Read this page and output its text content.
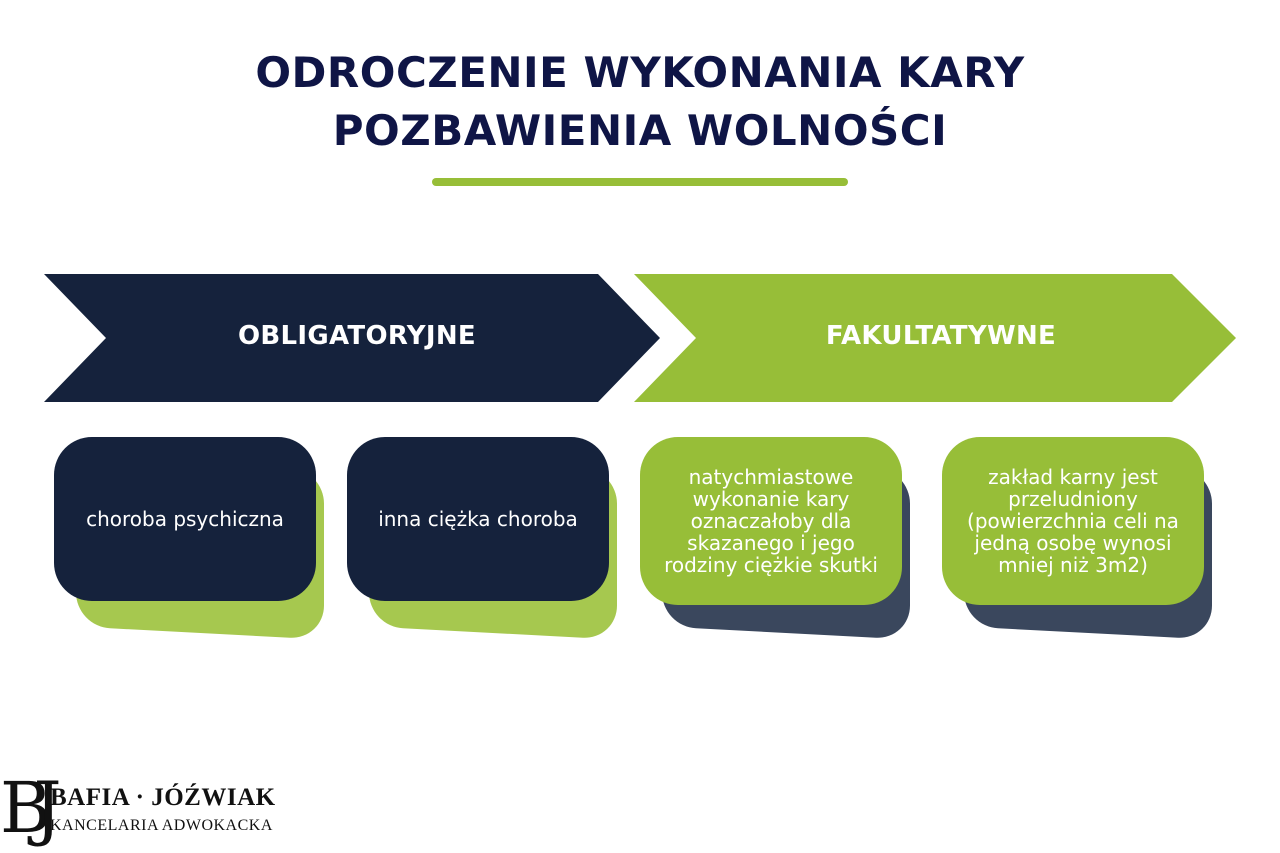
ODROCZENIE WYKONANIA KARY
POZBAWIENIA WOLNOŚCI
OBLIGATORYJNE	FAKULTATYWNE
choroba psychiczna	inna ciężka choroba
natychmiastowe wykonanie kary oznaczałoby dla skazanego i jego rodziny ciężkie skutki
zakład karny jest przeludniony (powierzchnia celi na jedną osobę wynosi mniej niż 3m2)
BJ BAFIA · JÓŹWIAK
KANCELARIA ADWOKACKA
